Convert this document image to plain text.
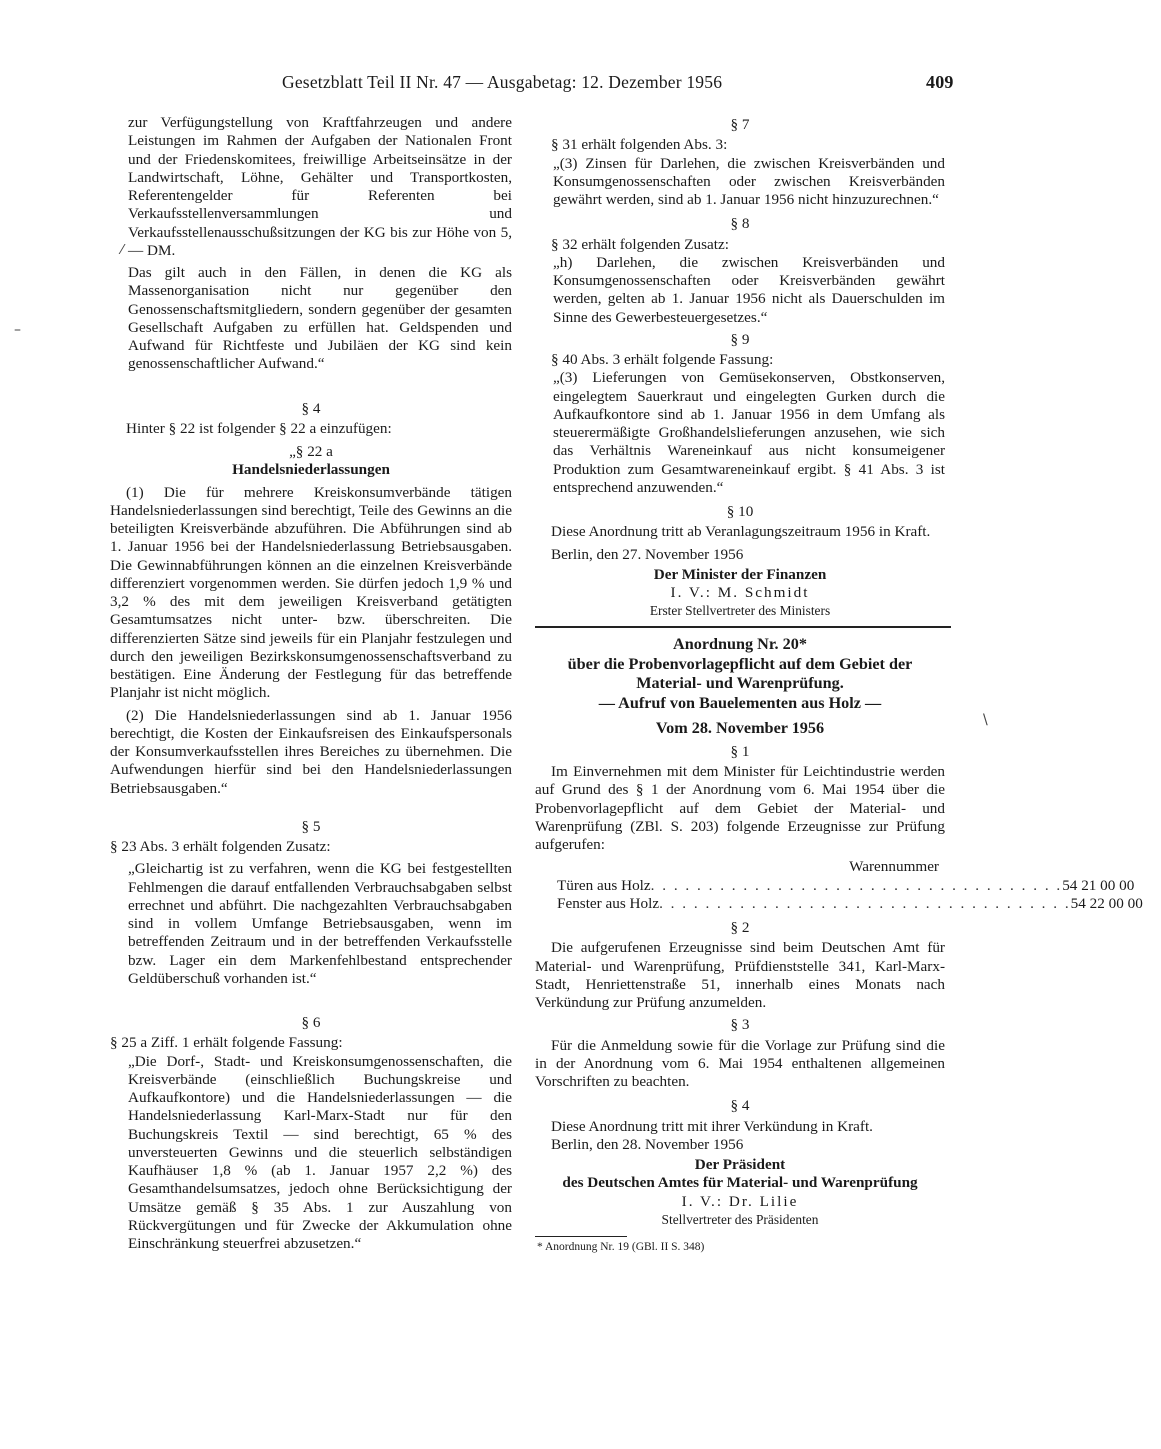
Gesetzblatt Teil II Nr. 47 — Ausgabetag: 12. Dezember 1956	409
⁄
–
\

zur Verfügungstellung von Kraftfahrzeugen und andere Leistungen im Rahmen der Aufgaben der Nationalen Front und der Friedenskomitees, freiwillige Arbeitseinsätze in der Landwirtschaft, Löhne, Gehälter und Transportkosten, Referentengelder für Referenten bei Verkaufsstellenversammlungen und Verkaufsstellenausschußsitzungen der KG bis zur Höhe von 5,— DM.

Das gilt auch in den Fällen, in denen die KG als Massenorganisation nicht nur gegenüber den Genossenschaftsmitgliedern, sondern gegenüber der gesamten Gesellschaft Aufgaben zu erfüllen hat. Geldspenden und Aufwand für Richtfeste und Jubiläen der KG sind kein genossenschaftlicher Aufwand.“

§ 4

Hinter § 22 ist folgender § 22 a einzufügen:

„§ 22 a

Handelsniederlassungen

(1) Die für mehrere Kreiskonsumverbände tätigen Handelsniederlassungen sind berechtigt, Teile des Gewinns an die beteiligten Kreisverbände abzuführen. Die Abführungen sind ab 1. Januar 1956 bei der Handelsniederlassung Betriebsausgaben. Die Gewinnabführungen können an die einzelnen Kreisverbände differenziert vorgenommen werden. Sie dürfen jedoch 1,9 % und 3,2 % des mit dem jeweiligen Kreisverband getätigten Gesamtumsatzes nicht unter- bzw. überschreiten. Die differenzierten Sätze sind jeweils für ein Planjahr festzulegen und durch den jeweiligen Bezirkskonsumgenossenschaftsverband zu bestätigen. Eine Änderung der Festlegung für das betreffende Planjahr ist nicht möglich.

(2) Die Handelsniederlassungen sind ab 1. Januar 1956 berechtigt, die Kosten der Einkaufsreisen des Einkaufspersonals der Konsumverkaufsstellen ihres Bereiches zu übernehmen. Die Aufwendungen hierfür sind bei den Handelsniederlassungen Betriebsausgaben.“

§ 5

§ 23 Abs. 3 erhält folgenden Zusatz:

„Gleichartig ist zu verfahren, wenn die KG bei festgestellten Fehlmengen die darauf entfallenden Verbrauchsabgaben selbst errechnet und abführt. Die nachgezahlten Verbrauchsabgaben sind in vollem Umfange Betriebsausgaben, wenn im betreffenden Zeitraum und in der betreffenden Verkaufsstelle bzw. Lager ein dem Markenfehlbestand entsprechender Geldüberschuß vorhanden ist.“

§ 6

§ 25 a Ziff. 1 erhält folgende Fassung:

„Die Dorf-, Stadt- und Kreiskonsumgenossenschaften, die Kreisverbände (einschließlich Buchungskreise und Aufkaufkontore) und die Handelsniederlassungen — die Handelsniederlassung Karl-Marx-Stadt nur für den Buchungskreis Textil — sind berechtigt, 65 % des unversteuerten Gewinns und die steuerlich selbständigen Kaufhäuser 1,8 % (ab 1. Januar 1957 2,2 %) des Gesamthandelsumsatzes, jedoch ohne Berücksichtigung der Umsätze gemäß § 35 Abs. 1 zur Auszahlung von Rückvergütungen und für Zwecke der Akkumulation ohne Einschränkung steuerfrei abzusetzen.“

§ 7

§ 31 erhält folgenden Abs. 3:

„(3) Zinsen für Darlehen, die zwischen Kreisverbänden und Konsumgenossenschaften oder zwischen Kreisverbänden gewährt werden, sind ab 1. Januar 1956 nicht hinzuzurechnen.“

§ 8

§ 32 erhält folgenden Zusatz:

„h) Darlehen, die zwischen Kreisverbänden und Konsumgenossenschaften oder Kreisverbänden gewährt werden, gelten ab 1. Januar 1956 nicht als Dauerschulden im Sinne des Gewerbesteuergesetzes.“

§ 9

§ 40 Abs. 3 erhält folgende Fassung:

„(3) Lieferungen von Gemüsekonserven, Obstkonserven, eingelegtem Sauerkraut und eingelegten Gurken durch die Aufkaufkontore sind ab 1. Januar 1956 in dem Umfang als steuerermäßigte Großhandelslieferungen anzusehen, wie sich das Verhältnis Wareneinkauf aus nicht konsumeigener Produktion zum Gesamtwareneinkauf ergibt. § 41 Abs. 3 ist entsprechend anzuwenden.“

§ 10

Diese Anordnung tritt ab Veranlagungszeitraum 1956 in Kraft.

Berlin, den 27. November 1956

Der Minister der Finanzen

I. V.: M. Schmidt

Erster Stellvertreter des Ministers

Anordnung Nr. 20*

über die Probenvorlagepflicht auf dem Gebiet der Material- und Warenprüfung.

— Aufruf von Bauelementen aus Holz —

Vom 28. November 1956

§ 1

Im Einvernehmen mit dem Minister für Leichtindustrie werden auf Grund des § 1 der Anordnung vom 6. Mai 1954 über die Probenvorlagepflicht auf dem Gebiet der Material- und Warenprüfung (ZBl. S. 203) folgende Erzeugnisse zur Prüfung aufgerufen:

Warennummer
Türen aus Holz . . . . . . . . . . . . . . . . . . . . . . . . . . . . . . . . . . . . 54 21 00 00
Fenster aus Holz . . . . . . . . . . . . . . . . . . . . . . . . . . . . . . . . . . . . 54 22 00 00

§ 2

Die aufgerufenen Erzeugnisse sind beim Deutschen Amt für Material- und Warenprüfung, Prüfdienststelle 341, Karl-Marx-Stadt, Henriettenstraße 51, innerhalb eines Monats nach Verkündung zur Prüfung anzumelden.

§ 3

Für die Anmeldung sowie für die Vorlage zur Prüfung sind die in der Anordnung vom 6. Mai 1954 enthaltenen allgemeinen Vorschriften zu beachten.

§ 4

Diese Anordnung tritt mit ihrer Verkündung in Kraft.

Berlin, den 28. November 1956

Der Präsident

des Deutschen Amtes für Material- und Warenprüfung

I. V.: Dr. Lilie

Stellvertreter des Präsidenten

* Anordnung Nr. 19 (GBl. II S. 348)
